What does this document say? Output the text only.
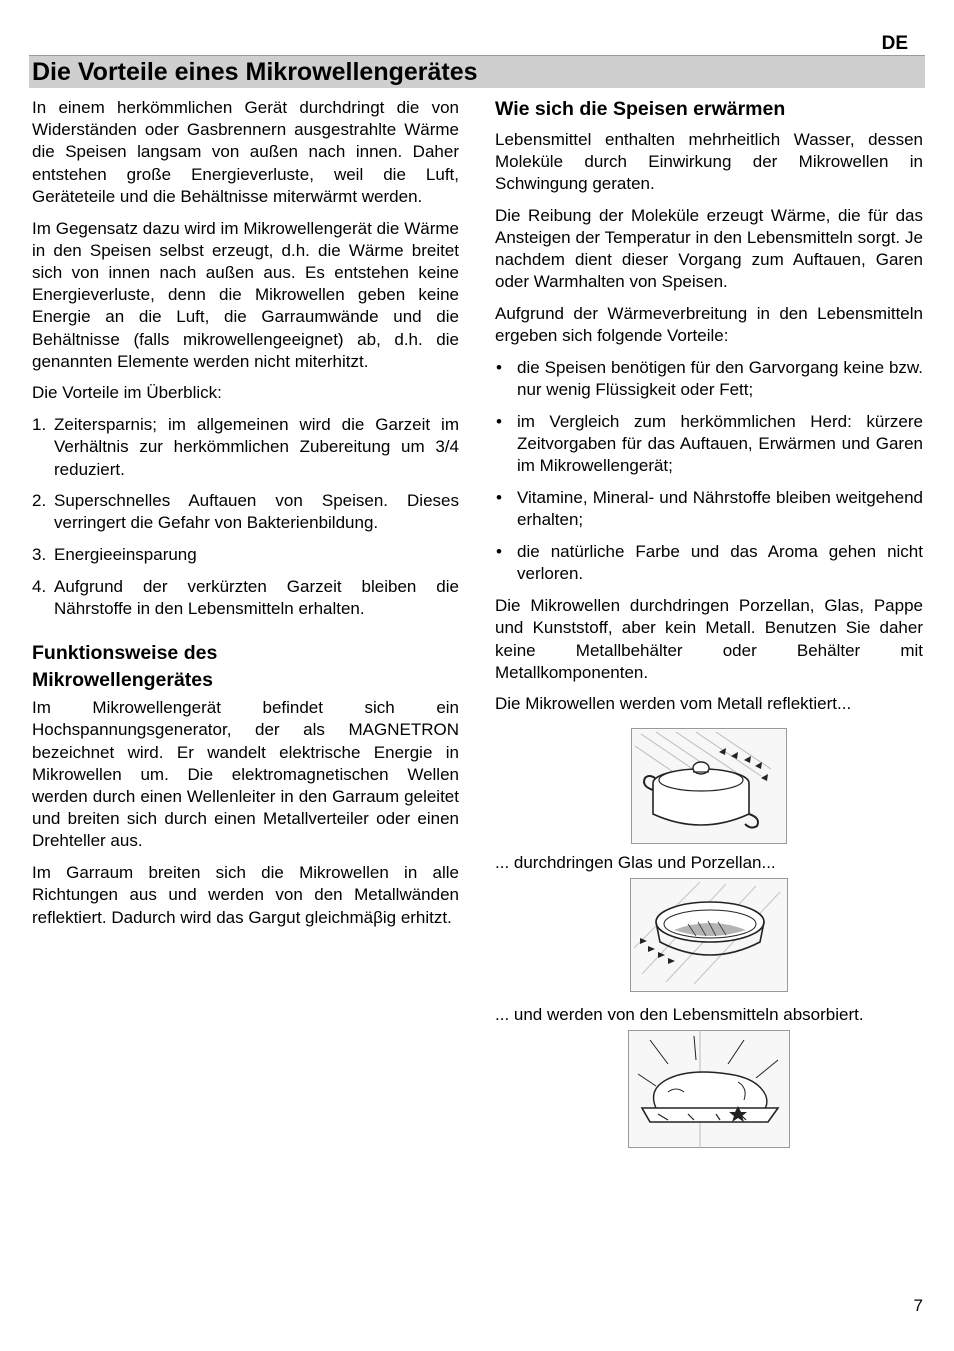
DE
Die Vorteile eines Mikrowellengerätes

In einem herkömmlichen Gerät durchdringt die von Widerständen oder Gasbrennern ausgestrahlte Wärme die Speisen langsam von außen nach innen. Daher entstehen große Energieverluste, weil die Luft, Geräteteile und die Behältnisse miterwärmt werden.

Im Gegensatz dazu wird im Mikrowellengerät die Wärme in den Speisen selbst erzeugt, d.h. die Wärme breitet sich von innen nach außen aus. Es entstehen keine Energieverluste, denn die Mikrowellen geben keine Energie an die Luft, die Garraumwände und die Behältnisse (falls mikrowellengeeignet) ab, d.h. die genannten Elemente werden nicht miterhitzt.

Die Vorteile im Überblick:

1. Zeitersparnis; im allgemeinen wird die Garzeit im Verhältnis zur herkömmlichen Zubereitung um 3/4 reduziert.
2. Superschnelles Auftauen von Speisen. Dieses verringert die Gefahr von Bakterienbildung.
3. Energieeinsparung
4. Aufgrund der verkürzten Garzeit bleiben die Nährstoffe in den Lebensmitteln erhalten.
Funktionsweise des
Mikrowellengerätes

Im Mikrowellengerät befindet sich ein Hochspannungsgenerator, der als MAGNETRON bezeichnet wird. Er wandelt elektrische Energie in Mikrowellen um. Die elektromagnetischen Wellen werden durch einen Wellenleiter in den Garraum geleitet und breiten sich durch einen Metallverteiler oder einen Drehteller aus.

Im Garraum breiten sich die Mikrowellen in alle Richtungen aus und werden von den Metallwänden reflektiert. Dadurch wird das Gargut gleichmäβig erhitzt.

Wie sich die Speisen erwärmen

Lebensmittel enthalten mehrheitlich Wasser, dessen Moleküle durch Einwirkung der Mikrowellen in Schwingung geraten.

Die Reibung der Moleküle erzeugt Wärme, die für das Ansteigen der Temperatur in den Lebensmitteln sorgt. Je nachdem dient dieser Vorgang zum Auftauen, Garen oder Warmhalten von Speisen.

Aufgrund der Wärmeverbreitung in den Lebensmitteln ergeben sich folgende Vorteile:

• die Speisen benötigen für den Garvorgang keine bzw. nur wenig Flüssigkeit oder Fett;
• im Vergleich zum herkömmlichen Herd: kürzere Zeitvorgaben für das Auftauen, Erwärmen und Garen im Mikrowellengerät;
• Vitamine, Mineral- und Nährstoffe bleiben weitgehend erhalten;
• die natürliche Farbe und das Aroma gehen nicht verloren.

Die Mikrowellen durchdringen Porzellan, Glas, Pappe und Kunststoff, aber kein Metall. Benutzen Sie daher keine Metallbehälter oder Behälter mit Metallkomponenten.

Die Mikrowellen werden vom Metall reflektiert...

... durchdringen Glas und Porzellan...

... und werden von den Lebensmitteln absorbiert.

7
